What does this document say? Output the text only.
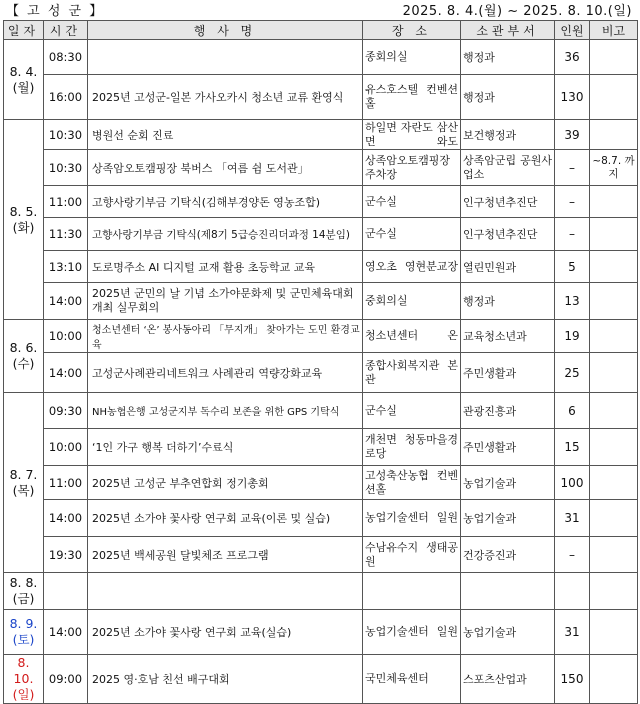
【 고 성 군 】	2025. 8. 4.(월) ~ 2025. 8. 10.(일)
일자	시간	행 사 명	장 소	소관부서	인원	비고
8. 4.
(월)	08:30		종회의실	행정과	36	
	16:00	2025년 고성군-일본 가사오카시 청소년 교류 환영식	유스호스텔 컨벤션홀	행정과	130	
8. 5.
(화)	10:30	병원선 순회 진료	하일면 자란도 삼산면 와도	보건행정과	39	
	10:30	상족암오토캠핑장 북버스 「여름 쉼 도서관」	상족암오토캠핑장 주차장	상족암군립 공원사업소	–	~8.7. 까지
	11:00	고향사랑기부금 기탁식(김해부경양돈 영농조합)	군수실	인구청년추진단	–	
	11:30	고향사랑기부금 기탁식(제8기 5급승진리더과정 14분임)	군수실	인구청년추진단	–	
	13:10	도로명주소 AI 디지털 교재 활용 초등학교 교육	영오초 영현분교장	열린민원과	5	
	14:00	2025년 군민의 날 기념 소가야문화제 및 군민체육대회 개최 실무회의	중회의실	행정과	13	
8. 6.
(수)	10:00	청소년센터 ‘온’ 봉사동아리 「무지개」 찾아가는 도민 환경교육	청소년센터 온	교육청소년과	19	
	14:00	고성군사례관리네트워크 사례관리 역량강화교육	종합사회복지관 본관	주민생활과	25	
8. 7.
(목)	09:30	NH농협은행 고성군지부 독수리 보존을 위한 GPS 기탁식	군수실	관광진흥과	6	
	10:00	‘1인 가구 행복 더하기’수료식	개천면 청동마을경로당	주민생활과	15	
	11:00	2025년 고성군 부추연합회 정기총회	고성축산농협 컨벤션홀	농업기술과	100	
	14:00	2025년 소가야 꽃사랑 연구회 교육(이론 및 실습)	농업기술센터 일원	농업기술과	31	
	19:30	2025년 백세공원 달빛체조 프로그램	수남유수지 생태공원	건강증진과	–	
8. 8.
(금)						
8. 9.
(토)	14:00	2025년 소가야 꽃사랑 연구회 교육(실습)	농업기술센터 일원	농업기술과	31	
8. 10.
(일)	09:00	2025 영·호남 친선 배구대회	국민체육센터	스포츠산업과	150	
